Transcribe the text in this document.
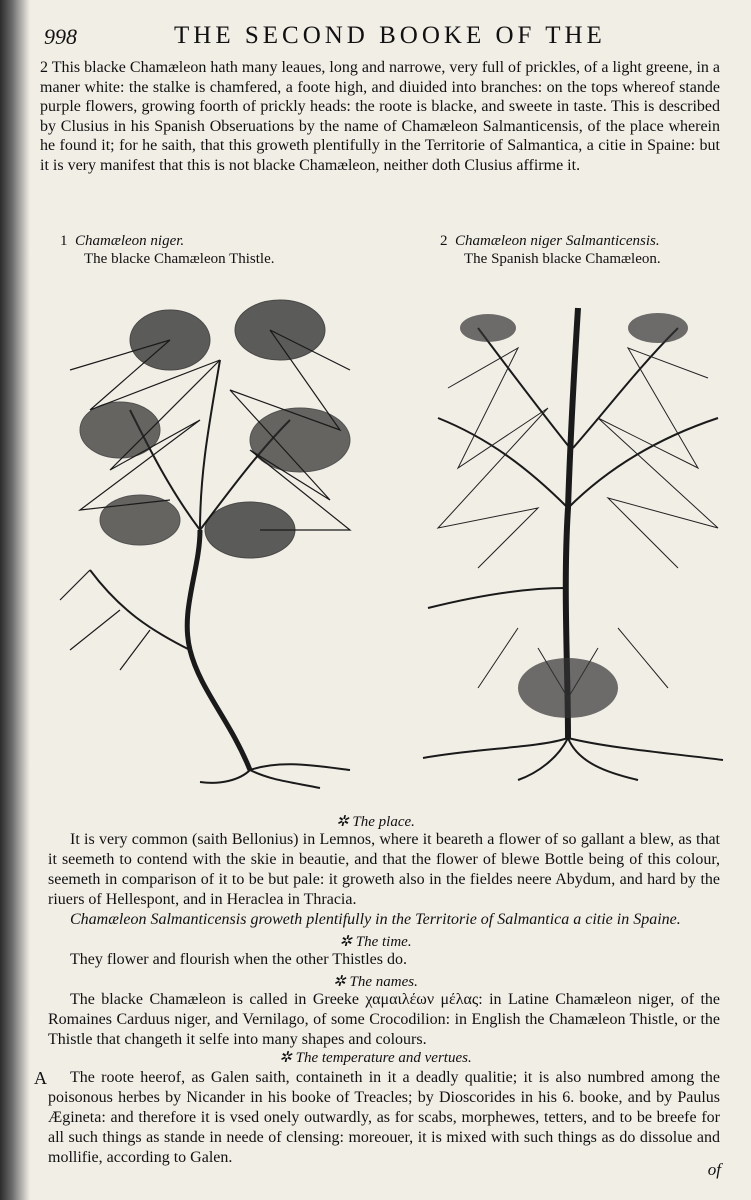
998	THE SECOND BOOKE OF THE
2 This blacke Chamæleon hath many leaues, long and narrowe, very full of prickles, of a light greene, in a maner white: the stalke is chamfered, a foote high, and diuided into branches: on the tops whereof stande purple flowers, growing foorth of prickly heads: the roote is blacke, and sweete in taste. This is described by Clusius in his Spanish Obseruations by the name of Chamæleon Salmanticensis, of the place wherein he found it; for he saith, that this groweth plentifully in the Territorie of Salmantica, a citie in Spaine: but it is very manifest that this is not blacke Chamæleon, neither doth Clusius affirme it.
1 Chamæleon niger.
The blacke Chamæleon Thistle.
2 Chamæleon niger Salmanticensis.
The Spanish blacke Chamæleon.
✲ The place.
It is very common (saith Bellonius) in Lemnos, where it beareth a flower of so gallant a blew, as that it seemeth to contend with the skie in beautie, and that the flower of blewe Bottle being of this colour, seemeth in comparison of it to be but pale: it groweth also in the fieldes neere Abydum, and hard by the riuers of Hellespont, and in Heraclea in Thracia.
Chamæleon Salmanticensis groweth plentifully in the Territorie of Salmantica a citie in Spaine.
✲ The time.
They flower and flourish when the other Thistles do.
✲ The names.
The blacke Chamæleon is called in Greeke χαμαιλέων μέλας: in Latine Chamæleon niger, of the Romaines Carduus niger, and Vernilago, of some Crocodilion: in English the Chamæleon Thistle, or the Thistle that changeth it selfe into many shapes and colours.
✲ The temperature and vertues.
A	The roote heerof, as Galen saith, containeth in it a deadly qualitie; it is also numbred among the poisonous herbes by Nicander in his booke of Treacles; by Dioscorides in his 6. booke, and by Paulus Ægineta: and therefore it is vsed onely outwardly, as for scabs, morphewes, tetters, and to be breefe for all such things as stande in neede of clensing: moreouer, it is mixed with such things as do dissolue and mollifie, according to Galen.
of
